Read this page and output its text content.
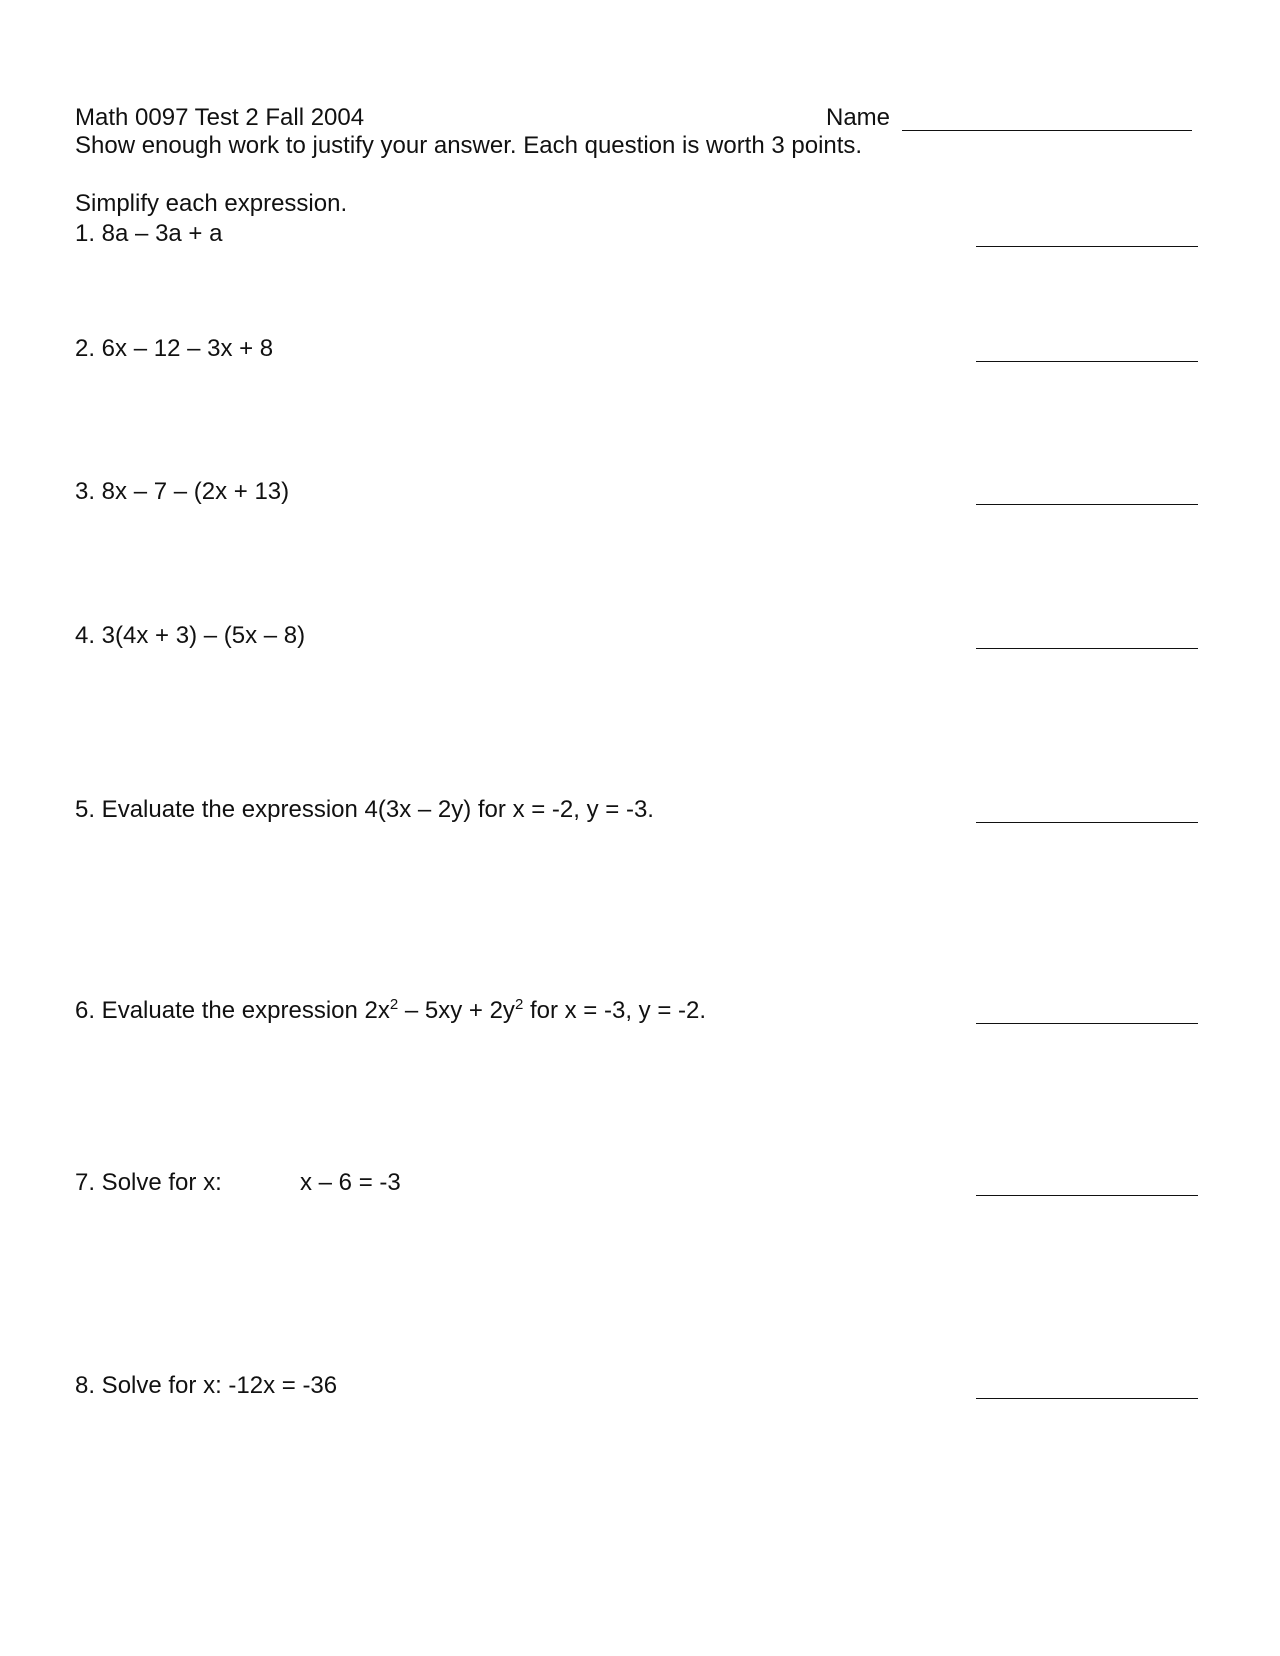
Math 0097 Test 2 Fall 2004	Name
Show enough work to justify your answer. Each question is worth 3 points.
Simplify each expression.
1. 8a – 3a + a
2. 6x – 12 – 3x + 8
3. 8x – 7 – (2x + 13)
4. 3(4x + 3) – (5x – 8)
5. Evaluate the expression 4(3x – 2y) for x = -2, y = -3.
6. Evaluate the expression $2x^2 - 5xy + 2y^2$ for x = -3, y = -2.
7. Solve for x:	x – 6 = -3
8. Solve for x: -12x = -36
